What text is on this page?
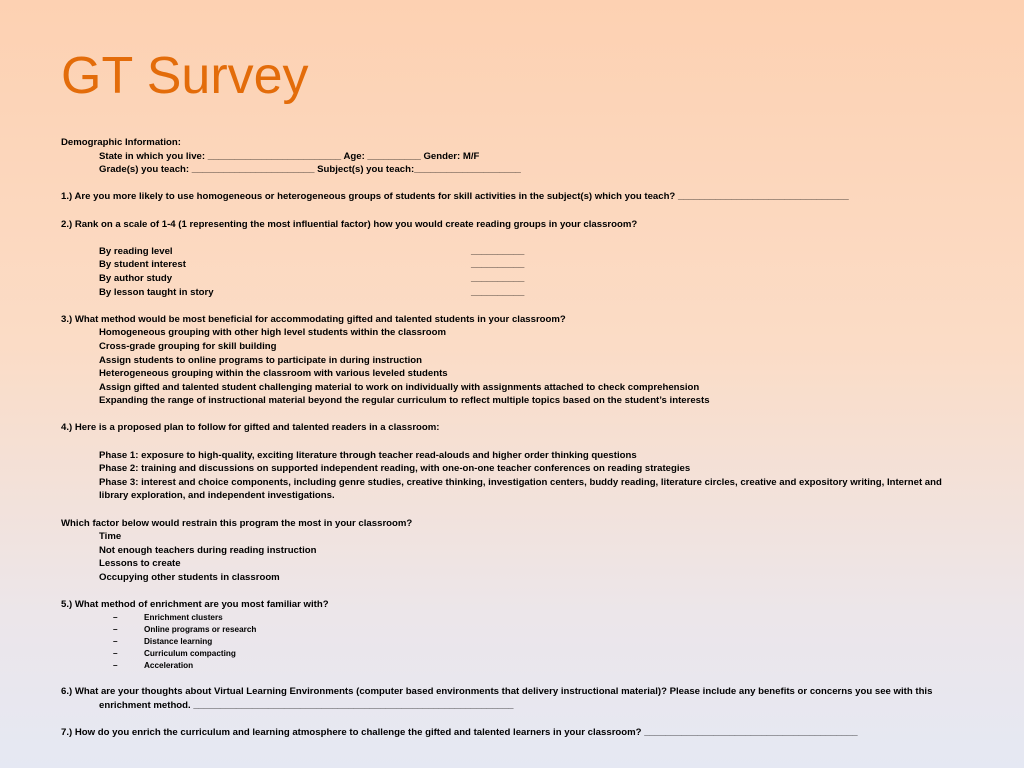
GT Survey
Demographic Information:
State in which you live: _________________________ Age: __________ Gender: M/F
Grade(s) you teach: _______________________ Subject(s) you teach:____________________
1.) Are you more likely to use homogeneous or heterogeneous groups of students for skill activities in the subject(s) which you teach? ________________________________
2.) Rank on a scale of 1-4 (1 representing the most influential factor) how you would create reading groups in your classroom?
By reading level	__________
By student interest	__________
By author study	__________
By lesson taught in story	__________
3.) What method would be most beneficial for accommodating gifted and talented students in your classroom?
Homogeneous grouping with other high level students within the classroom
Cross-grade grouping for skill building
Assign students to online programs to participate in during instruction
Heterogeneous grouping within the classroom with various leveled students
Assign gifted and talented student challenging material to work on individually with assignments attached to check comprehension
Expanding the range of instructional material beyond the regular curriculum to reflect multiple topics based on the student’s interests
4.) Here is a proposed plan to follow for gifted and talented readers in a classroom:
Phase 1: exposure to high-quality, exciting literature through teacher read-alouds and higher order thinking questions
Phase 2: training and discussions on supported independent reading, with one-on-one teacher conferences on reading strategies
Phase 3: interest and choice components, including genre studies, creative thinking, investigation centers, buddy reading, literature circles, creative and expository writing, Internet and library exploration, and independent investigations.
Which factor below would restrain this program the most in your classroom?
Time
Not enough teachers during reading instruction
Lessons to create
Occupying other students in classroom
5.) What method of enrichment are you most familiar with?
–	Enrichment clusters
–	Online programs or research
–	Distance learning
–	Curriculum compacting
–	Acceleration
6.) What are your thoughts about Virtual Learning Environments (computer based environments that delivery instructional material)? Please include any benefits or concerns you see with this enrichment method. ____________________________________________________________
7.) How do you enrich the curriculum and learning atmosphere to challenge the gifted and talented learners in your classroom? ________________________________________
